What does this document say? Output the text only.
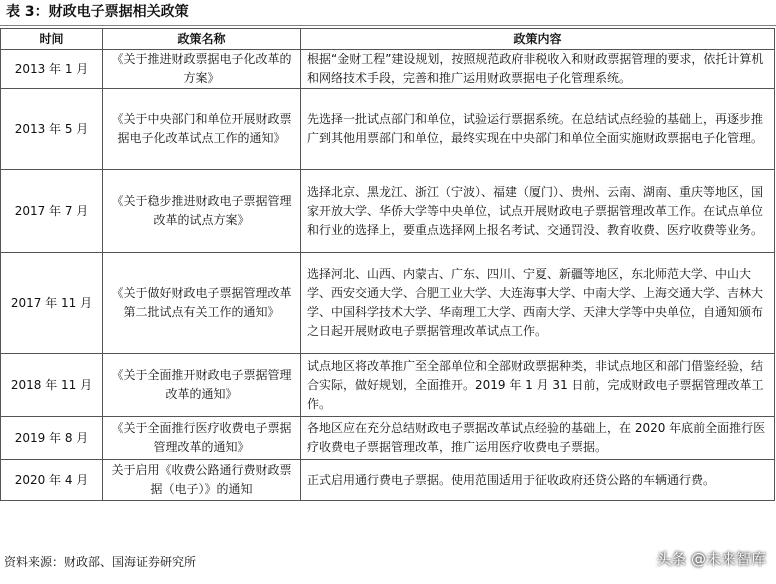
表 3：财政电子票据相关政策
时间	政策名称	政策内容
2013 年 1 月	《关于推进财政票据电子化改革的方案》	根据“金财工程”建设规划，按照规范政府非税收入和财政票据管理的要求，依托计算机和网络技术手段，完善和推广运用财政票据电子化管理系统。
2013 年 5 月	《关于中央部门和单位开展财政票据电子化改革试点工作的通知》	先选择一批试点部门和单位，试验运行票据系统。在总结试点经验的基础上，再逐步推广到其他用票部门和单位，最终实现在中央部门和单位全面实施财政票据电子化管理。
2017 年 7 月	《关于稳步推进财政电子票据管理改革的试点方案》	选择北京、黑龙江、浙江（宁波）、福建（厦门）、贵州、云南、湖南、重庆等地区，国家开放大学、华侨大学等中央单位，试点开展财政电子票据管理改革工作。在试点单位和行业的选择上，要重点选择网上报名考试、交通罚没、教育收费、医疗收费等业务。
2017 年 11 月	《关于做好财政电子票据管理改革第二批试点有关工作的通知》	选择河北、山西、内蒙古、广东、四川、宁夏、新疆等地区，东北师范大学、中山大学、西安交通大学、合肥工业大学、大连海事大学、中南大学、上海交通大学、吉林大学、中国科学技术大学、华南理工大学、西南大学、天津大学等中央单位，自通知颁布之日起开展财政电子票据管理改革试点工作。
2018 年 11 月	《关于全面推开财政电子票据管理改革的通知》	试点地区将改革推广至全部单位和全部财政票据种类，非试点地区和部门借鉴经验，结合实际，做好规划，全面推开。2019 年 1 月 31 日前，完成财政电子票据管理改革工作。
2019 年 8 月	《关于全面推行医疗收费电子票据管理改革的通知》	各地区应在充分总结财政电子票据改革试点经验的基础上，在 2020 年底前全面推行医疗收费电子票据管理改革，推广运用医疗收费电子票据。
2020 年 4 月	关于启用《收费公路通行费财政票据（电子）》的通知	正式启用通行费电子票据。使用范围适用于征收政府还贷公路的车辆通行费。
资料来源：财政部、国海证券研究所	头条 @未来智库
